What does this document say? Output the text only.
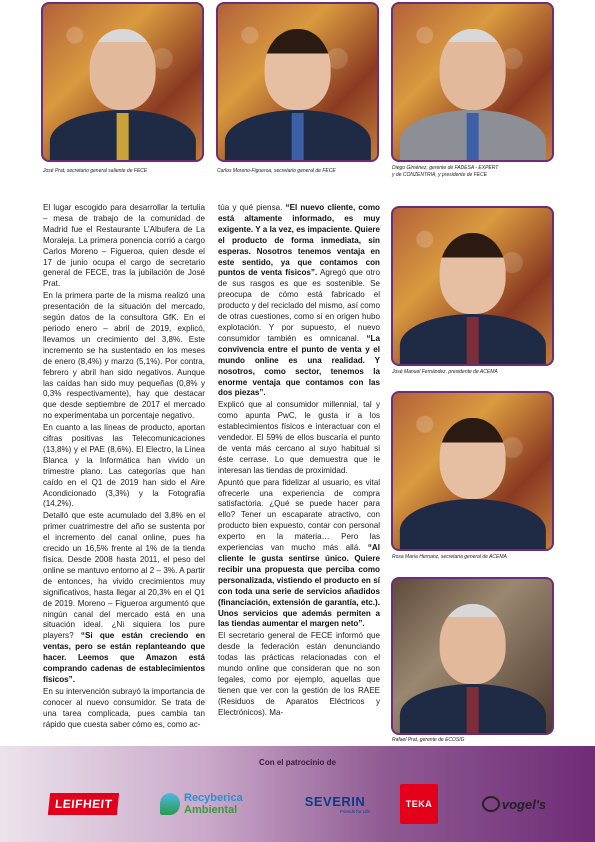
José Prat, secretario general saliente de FECE	Carlos Moreno-Figueroa, secretario general de FECE	Diego Giménez, gerente de FADESA - EXPERT
y de CONZENTRIA, y presidente de FECE
José Manuel Fernández, presidente de ACEMA
Rosa María Hernanz, secretaria general de ACEMA
Rafael Prat, gerente de ECOSIG

El lugar escogido para desarrollar la tertulia – mesa de trabajo de la comunidad de Madrid fue el Restaurante L’Albufera de La Moraleja. La primera ponencia corrió a cargo Carlos Moreno – Figueroa, quien desde el 17 de junio ocupa el cargo de secretario general de FECE, tras la jubilación de José Prat.

En la primera parte de la misma realizó una presentación de la situación del mercado, según datos de la consultora GfK. En el periodo enero – abril de 2019, explicó, llevamos un crecimiento del 3,8%. Este incremento se ha sustentado en los meses de enero (8,4%) y marzo (5,1%). Por contra, febrero y abril han sido negativos. Aunque las caídas han sido muy pequeñas (0,8% y 0,3% respectivamente), hay que destacar que desde septiembre de 2017 el mercado no experimentaba un porcentaje negativo.

En cuanto a las líneas de producto, aportan cifras positivas las Telecomunicaciones (13,8%) y el PAE (8,6%). El Electro, la Línea Blanca y la Informática han vivido un trimestre plano. Las categorías que han caído en el Q1 de 2019 han sido el Aire Acondicionado (3,3%) y la Fotografía (14,2%).

Detalló que este acumulado del 3,8% en el primer cuatrimestre del año se sustenta por el incremento del canal online, pues ha crecido un 16,5% frente al 1% de la tienda física. Desde 2008 hasta 2011, el peso del online se mantuvo entorno al 2 – 3%. A partir de entonces, ha vivido crecimientos muy significativos, hasta llegar al 20,3% en el Q1 de 2019. Moreno – Figueroa argumentó que ningún canal del mercado está en una situación ideal. ¿Ni siquiera los pure players? “Si que están creciendo en ventas, pero se están replanteando que hacer. Leemos que Amazon está comprando cadenas de establecimientos físicos”.

En su intervención subrayó la importancia de conocer al nuevo consumidor. Se trata de una tarea complicada, pues cambia tan rápido que cuesta saber cómo es, como ac-

túa y qué piensa. “El nuevo cliente, como está altamente informado, es muy exigente. Y a la vez, es impaciente. Quiere el producto de forma inmediata, sin esperas. Nosotros tenemos ventaja en este sentido, ya que contamos con puntos de venta físicos”. Agregó que otro de sus rasgos es que es sostenible. Se preocupa de cómo está fabricado el producto y del reciclado del mismo, así como de otras cuestiones, como si en origen hubo explotación. Y por supuesto, el nuevo consumidor también es omnicanal. “La convivencia entre el punto de venta y el mundo online es una realidad. Y nosotros, como sector, tenemos la enorme ventaja que contamos con las dos piezas”.

Explicó que al consumidor millennial, tal y como apunta PwC, le gusta ir a los establecimientos físicos e interactuar con el vendedor. El 59% de ellos buscaría el punto de venta más cercano al suyo habitual si éste cerrase. Lo que demuestra que le interesan las tiendas de proximidad.

Apuntó que para fidelizar al usuario, es vital ofrecerle una experiencia de compra satisfactoria. ¿Qué se puede hacer para ello? Tener un escaparate atractivo, con producto bien expuesto, contar con personal experto en la materia… Pero las experiencias van mucho más allá. “Al cliente le gusta sentirse único. Quiere recibir una propuesta que perciba como personalizada, vistiendo el producto en sí con toda una serie de servicios añadidos (financiación, extensión de garantía, etc.). Unos servicios que además permiten a las tiendas aumentar el margen neto”.

El secretario general de FECE informó que desde la federación están denunciando todas las prácticas relacionadas con el mundo online que consideran que no son legales, como por ejemplo, aquellas que tienen que ver con la gestión de los RAEE (Residuos de Aparatos Eléctricos y Electrónicos). Ma-

Con el patrocinio de
LEIFHEIT	Recyberica
Ambiental
SEVERIN
Friends for Life
TEKA	vogel's
